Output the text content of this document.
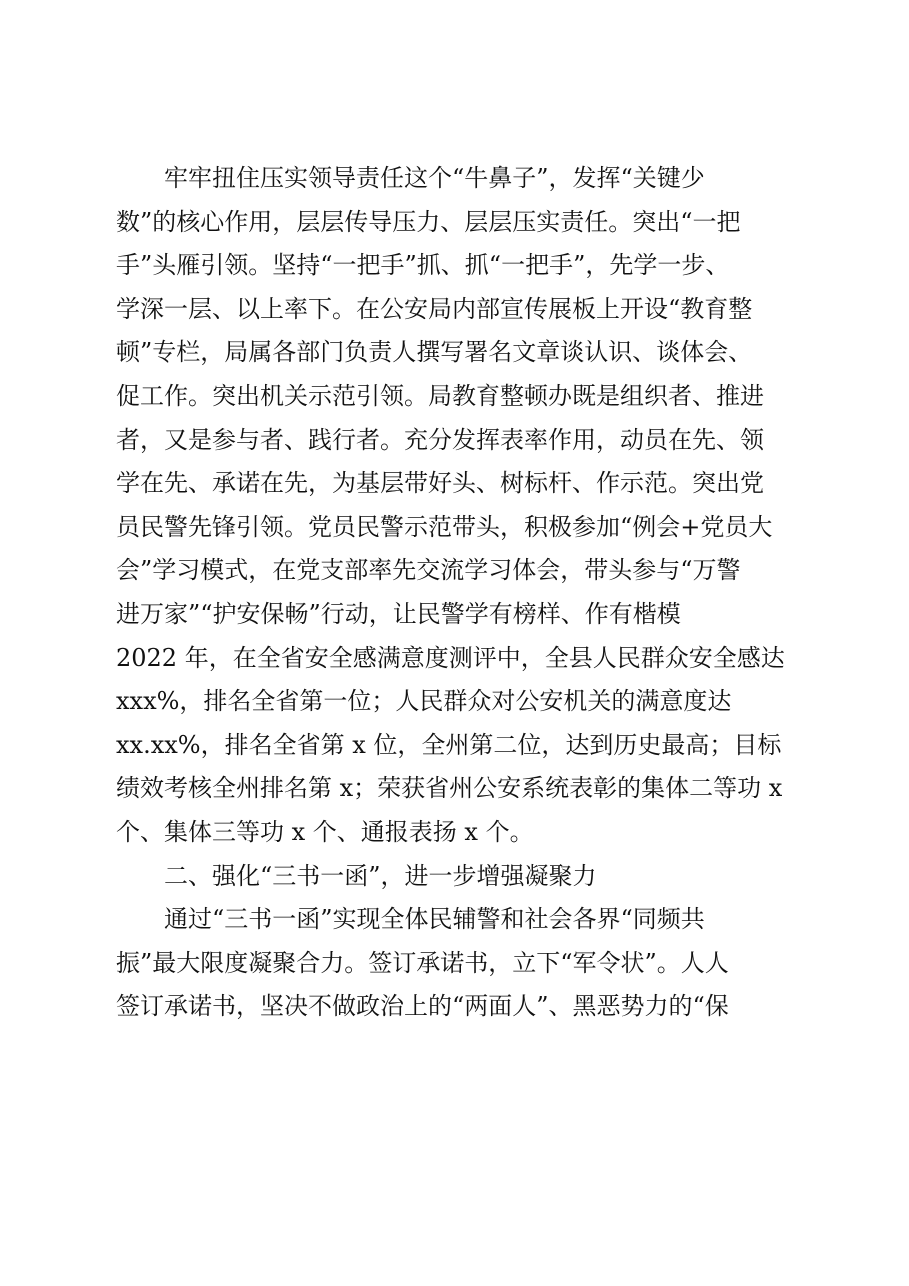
　　牢牢扭住压实领导责任这个“牛鼻子”，发挥“关键少
数”的核心作用，层层传导压力、层层压实责任。突出“一把
手”头雁引领。坚持“一把手”抓、抓“一把手”，先学一步、
学深一层、以上率下。在公安局内部宣传展板上开设“教育整
顿”专栏，局属各部门负责人撰写署名文章谈认识、谈体会、
促工作。突出机关示范引领。局教育整顿办既是组织者、推进
者，又是参与者、践行者。充分发挥表率作用，动员在先、领
学在先、承诺在先，为基层带好头、树标杆、作示范。突出党
员民警先锋引领。党员民警示范带头，积极参加“例会+党员大
会”学习模式，在党支部率先交流学习体会，带头参与“万警
进万家”“护安保畅”行动，让民警学有榜样、作有楷模
2022 年，在全省安全感满意度测评中，全县人民群众安全感达
xxx%，排名全省第一位；人民群众对公安机关的满意度达
xx.xx%，排名全省第 x 位，全州第二位，达到历史最高；目标
绩效考核全州排名第 x；荣获省州公安系统表彰的集体二等功 x
个、集体三等功 x 个、通报表扬 x 个。
　　二、强化“三书一函”，进一步增强凝聚力
　　通过“三书一函”实现全体民辅警和社会各界“同频共
振”最大限度凝聚合力。签订承诺书，立下“军令状”。人人
签订承诺书，坚决不做政治上的“两面人”、黑恶势力的“保
